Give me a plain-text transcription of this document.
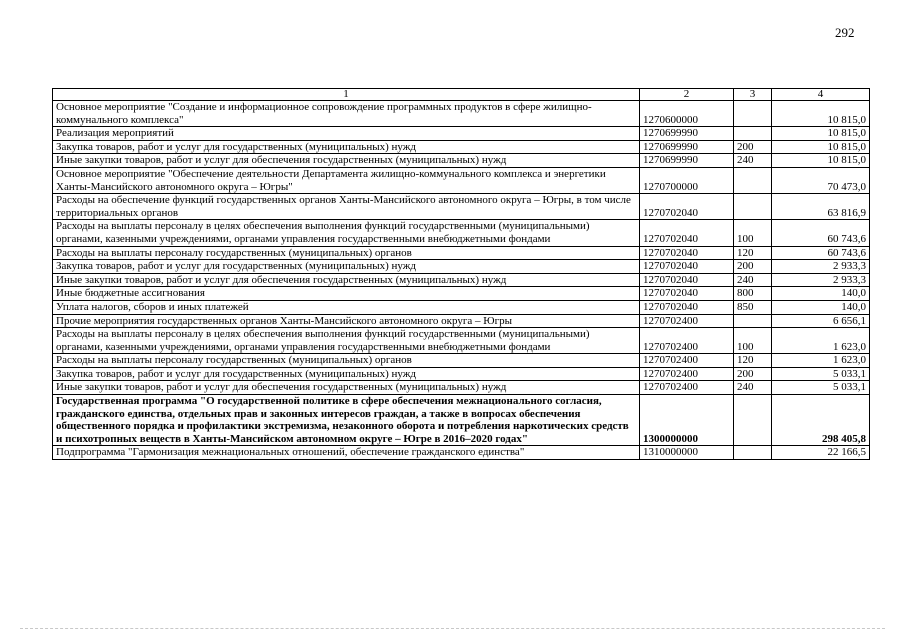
292
1	2	3	4
Основное мероприятие "Создание и информационное сопровождение программных продуктов в сфере жилищно-коммунального комплекса"	1270600000		10 815,0
Реализация мероприятий	1270699990		10 815,0
Закупка товаров, работ и услуг для государственных (муниципальных) нужд	1270699990	200	10 815,0
Иные закупки товаров, работ и услуг для обеспечения государственных (муниципальных) нужд	1270699990	240	10 815,0
Основное мероприятие "Обеспечение деятельности Департамента жилищно-коммунального комплекса и энергетики Ханты-Мансийского автономного округа – Югры"	1270700000		70 473,0
Расходы на обеспечение функций государственных органов Ханты-Мансийского автономного округа – Югры, в том числе территориальных органов	1270702040		63 816,9
Расходы на выплаты персоналу в целях обеспечения выполнения функций государственными (муниципальными) органами, казенными учреждениями, органами управления государственными внебюджетными фондами	1270702040	100	60 743,6
Расходы на выплаты персоналу государственных (муниципальных) органов	1270702040	120	60 743,6
Закупка товаров, работ и услуг для государственных (муниципальных) нужд	1270702040	200	2 933,3
Иные закупки товаров, работ и услуг для обеспечения государственных (муниципальных) нужд	1270702040	240	2 933,3
Иные бюджетные ассигнования	1270702040	800	140,0
Уплата налогов, сборов и иных платежей	1270702040	850	140,0
Прочие мероприятия государственных органов Ханты-Мансийского автономного округа – Югры	1270702400		6 656,1
Расходы на выплаты персоналу в целях обеспечения выполнения функций государственными (муниципальными) органами, казенными учреждениями, органами управления государственными внебюджетными фондами	1270702400	100	1 623,0
Расходы на выплаты персоналу государственных (муниципальных) органов	1270702400	120	1 623,0
Закупка товаров, работ и услуг для государственных (муниципальных) нужд	1270702400	200	5 033,1
Иные закупки товаров, работ и услуг для обеспечения государственных (муниципальных) нужд	1270702400	240	5 033,1
Государственная программа "О государственной политике в сфере обеспечения межнационального согласия, гражданского единства, отдельных прав и законных интересов граждан, а также в вопросах обеспечения общественного порядка и профилактики экстремизма, незаконного оборота и потребления наркотических средств и психотропных веществ в Ханты-Мансийском автономном округе – Югре в 2016–2020 годах"	1300000000		298 405,8
Подпрограмма "Гармонизация межнациональных отношений, обеспечение гражданского единства"	1310000000		22 166,5
